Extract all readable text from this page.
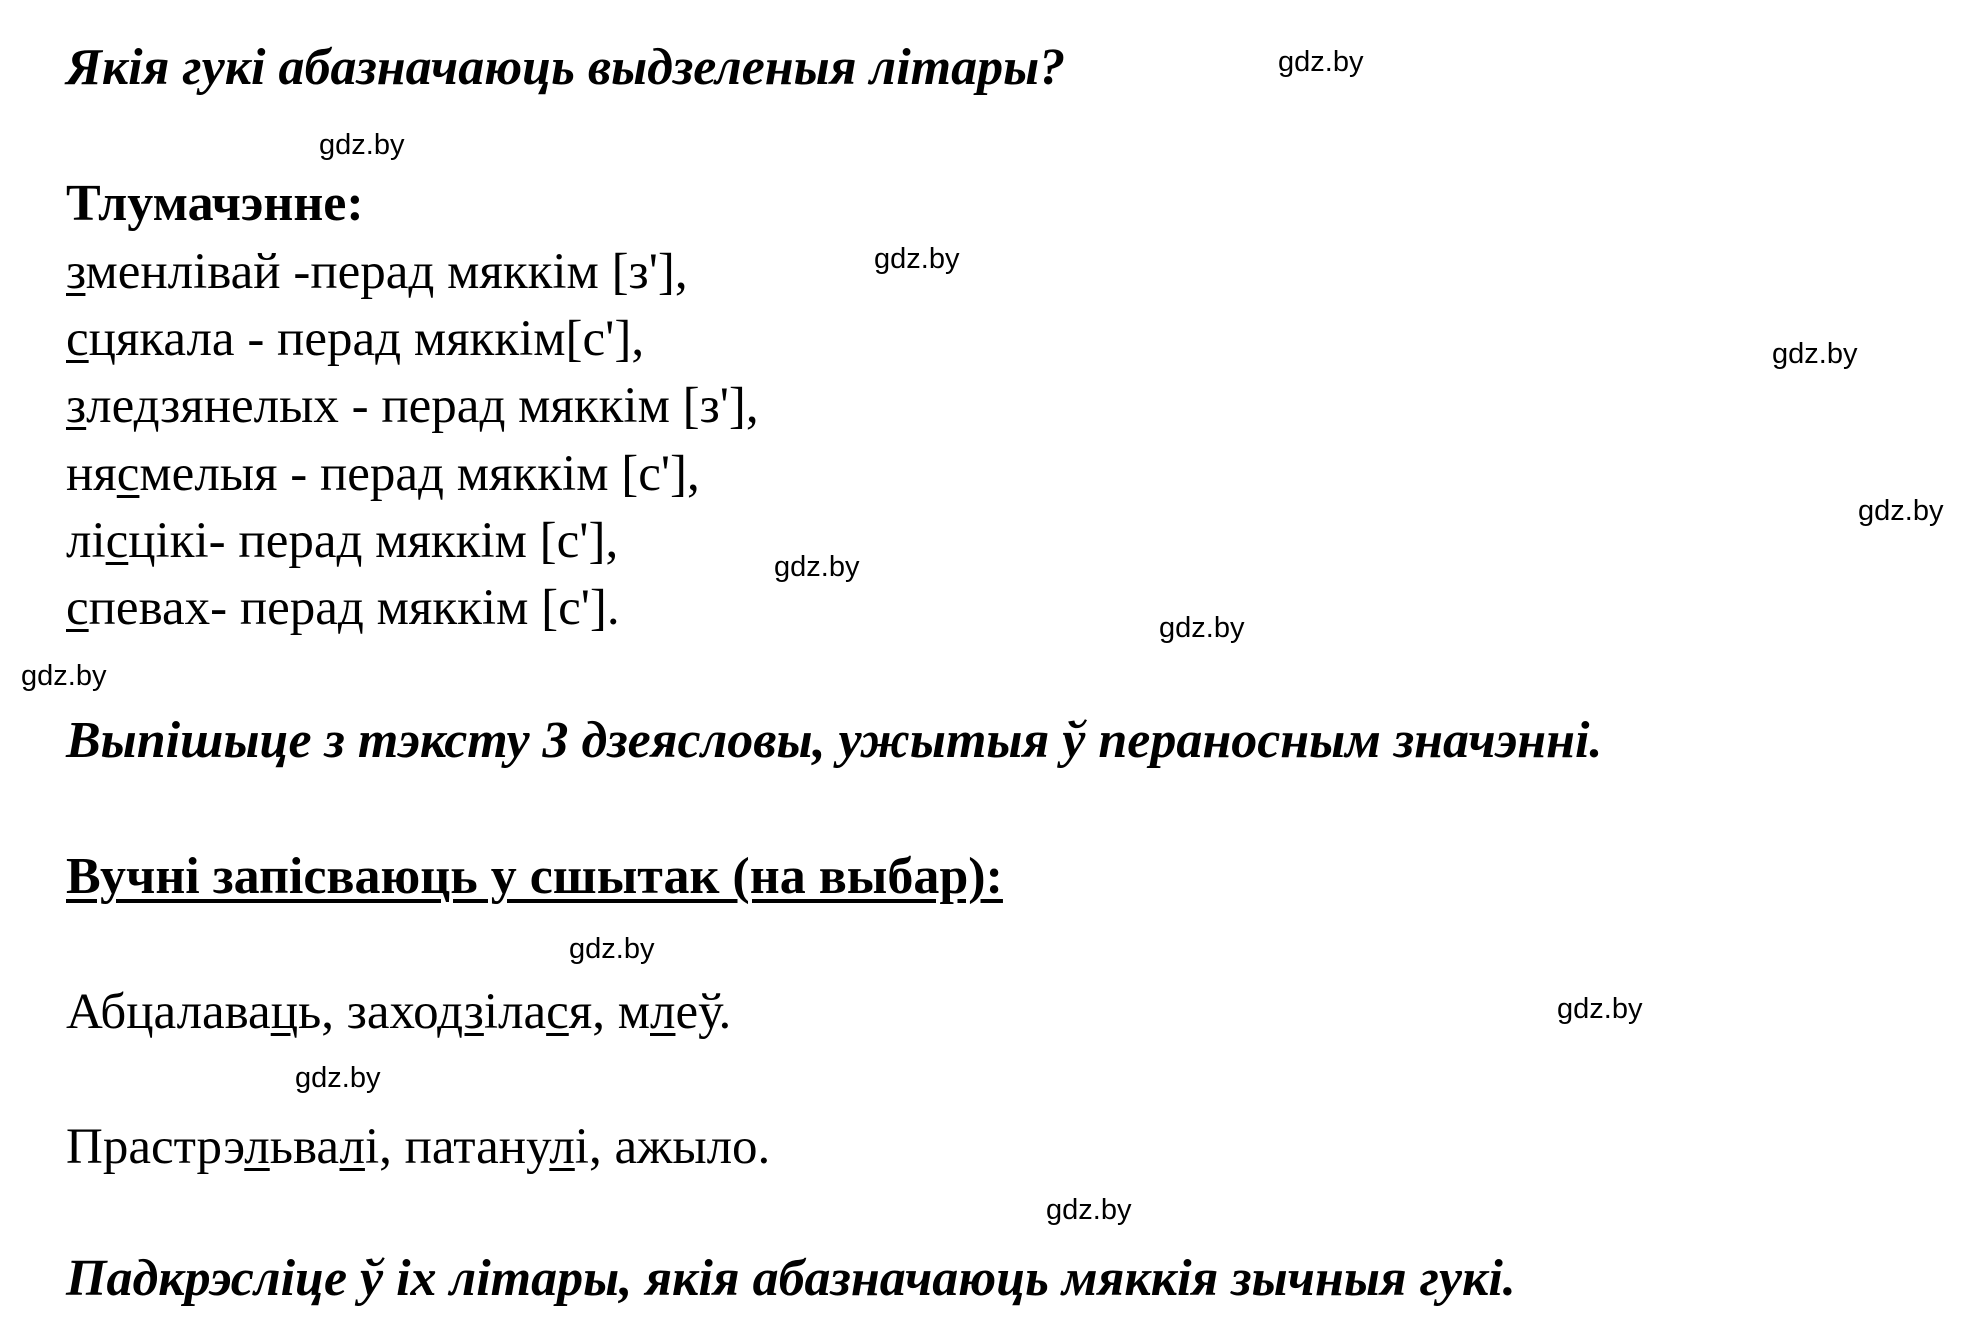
Якія гукі абазначаюць выдзеленыя літары?
Тлумачэнне:
зменлівай -перад мяккім [з'],
сцякала - перад мяккім[с'],
зледзянелых - перад мяккім [з'],
нясмелыя - перад мяккім [с'],
лісцікі- перад мяккім [с'],
спевах- перад мяккім [с'].
Выпішыце з тэксту 3 дзеясловы, ужытыя ў пераносным значэнні.
Вучні запісваюць у сшытак (на выбар):
Абцалаваць, заходзілася, млеў.
Прастрэльвалі, патанулі, ажыло.
Падкрэсліце ў іх літары, якія абазначаюць мяккія зычныя гукі.
gdz.by
gdz.by
gdz.by
gdz.by
gdz.by
gdz.by
gdz.by
gdz.by
gdz.by
gdz.by
gdz.by
gdz.by
